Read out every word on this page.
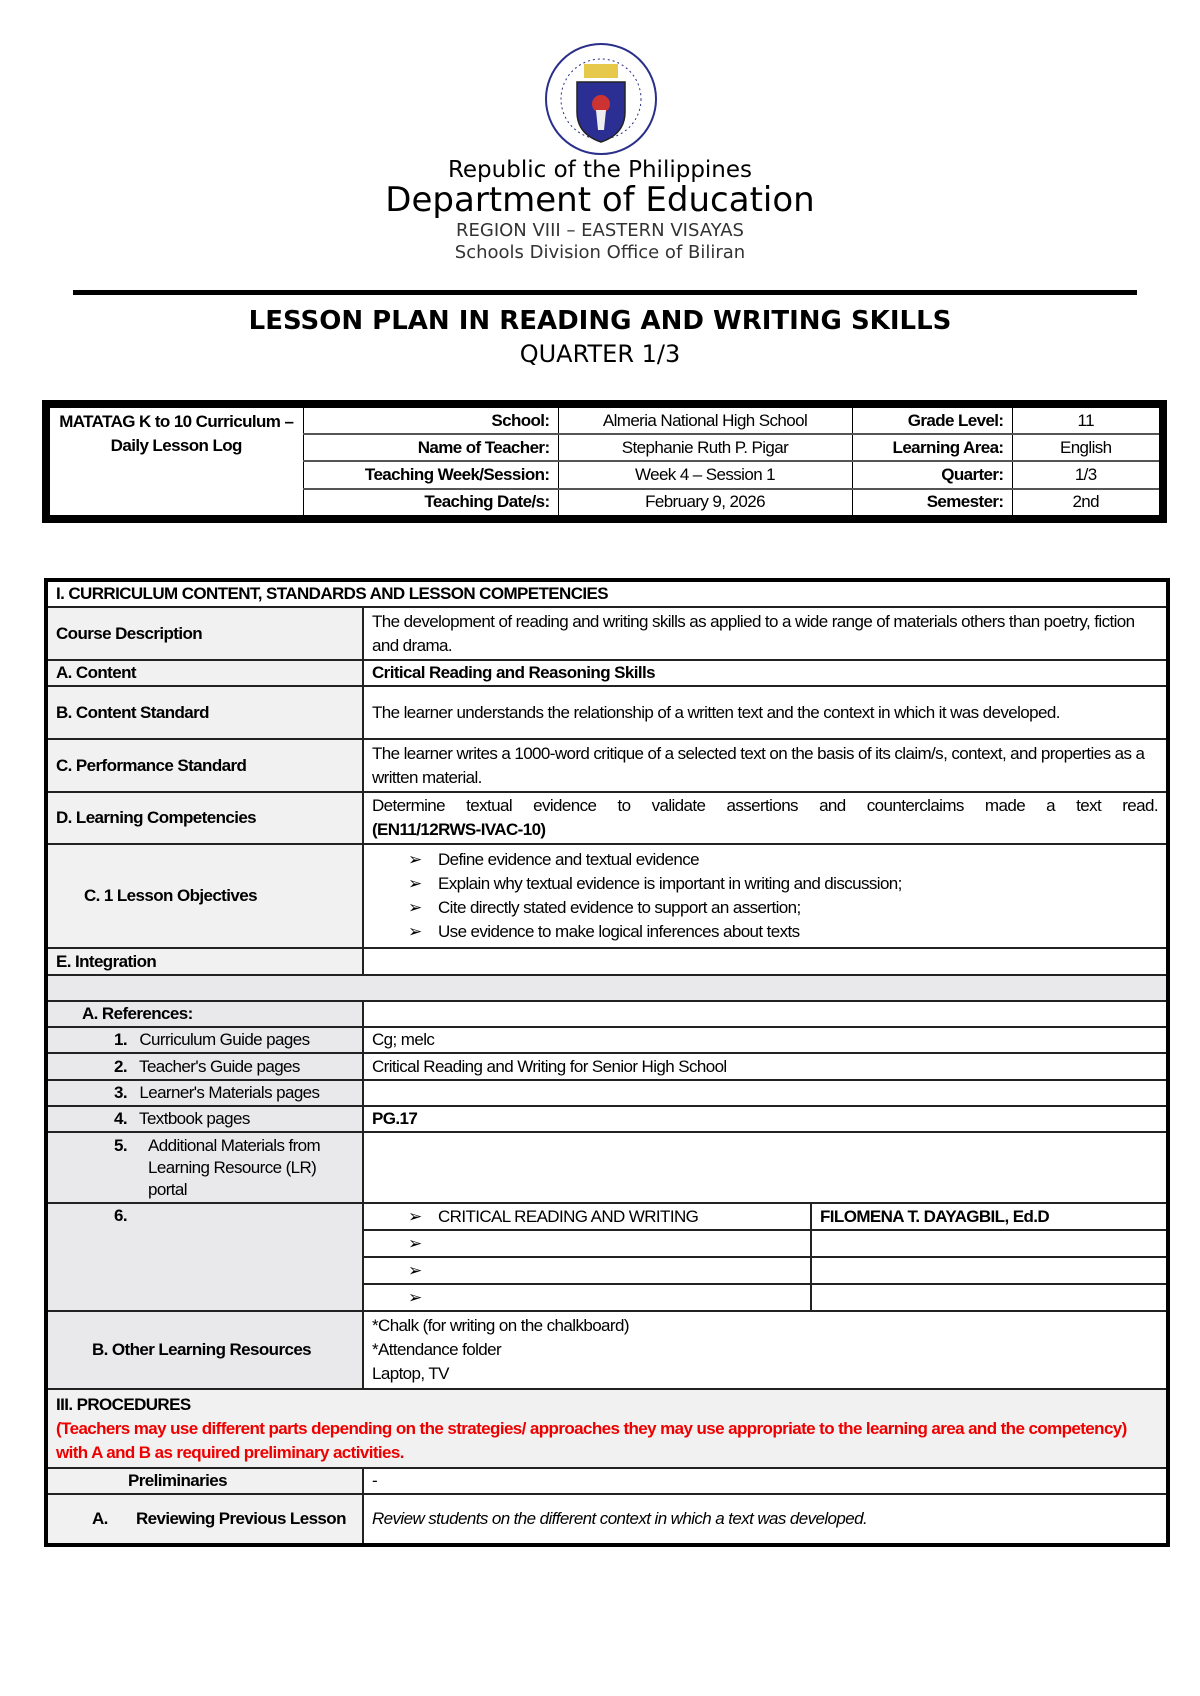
Republic of the Philippines
Department of Education
REGION VIII – EASTERN VISAYAS
Schools Division Office of Biliran
LESSON PLAN IN READING AND WRITING SKILLS
QUARTER 1/3
MATATAG K to 10 Curriculum – Daily Lesson Log	School:	Almeria National High School	Grade Level:	11
	Name of Teacher:	Stephanie Ruth P. Pigar	Learning Area:	English
	Teaching Week/Session:	Week 4 – Session 1	Quarter:	1/3
	Teaching Date/s:	February 9, 2026	Semester:	2nd
I. CURRICULUM CONTENT, STANDARDS AND LESSON COMPETENCIES		
Course Description	The development of reading and writing skills as applied to a wide range of materials others than poetry, fiction and drama.	
A. Content	Critical Reading and Reasoning Skills	
B. Content Standard	The learner understands the relationship of a written text and the context in which it was developed.	
C. Performance Standard	The learner writes a 1000-word critique of a selected text on the basis of its claim/s, context, and properties as a written material.	
D. Learning Competencies	Determine textual evidence to validate assertions and counterclaims made a text read.
(EN11/12RWS-IVAC-10)	
C. 1 Lesson Objectives	➢ Define evidence and textual evidence
➢ Explain why textual evidence is important in writing and discussion;
➢ Cite directly stated evidence to support an assertion;
➢ Use evidence to make logical inferences about texts	

E. Integration		

A. References:		
1. Curriculum Guide pages	Cg; melc	
2. Teacher's Guide pages	Critical Reading and Writing for Senior High School	
3. Learner's Materials pages		
4. Textbook pages	PG.17	

5. Additional Materials from Learning Resource (LR) portal		

6.	➢ CRITICAL READING AND WRITING	FILOMENA T. DAYAGBIL, Ed.D
	➢	
	➢	
	➢	
B. Other Learning Resources	*Chalk (for writing on the chalkboard)
*Attendance folder
Laptop, TV	

III. PROCEDURES
(Teachers may use different parts depending on the strategies/ approaches they may use appropriate to the learning area and the competency) with A and B as required preliminary activities.		

Preliminaries	-	

A. Reviewing Previous Lesson	Review students on the different context in which a text was developed.	
